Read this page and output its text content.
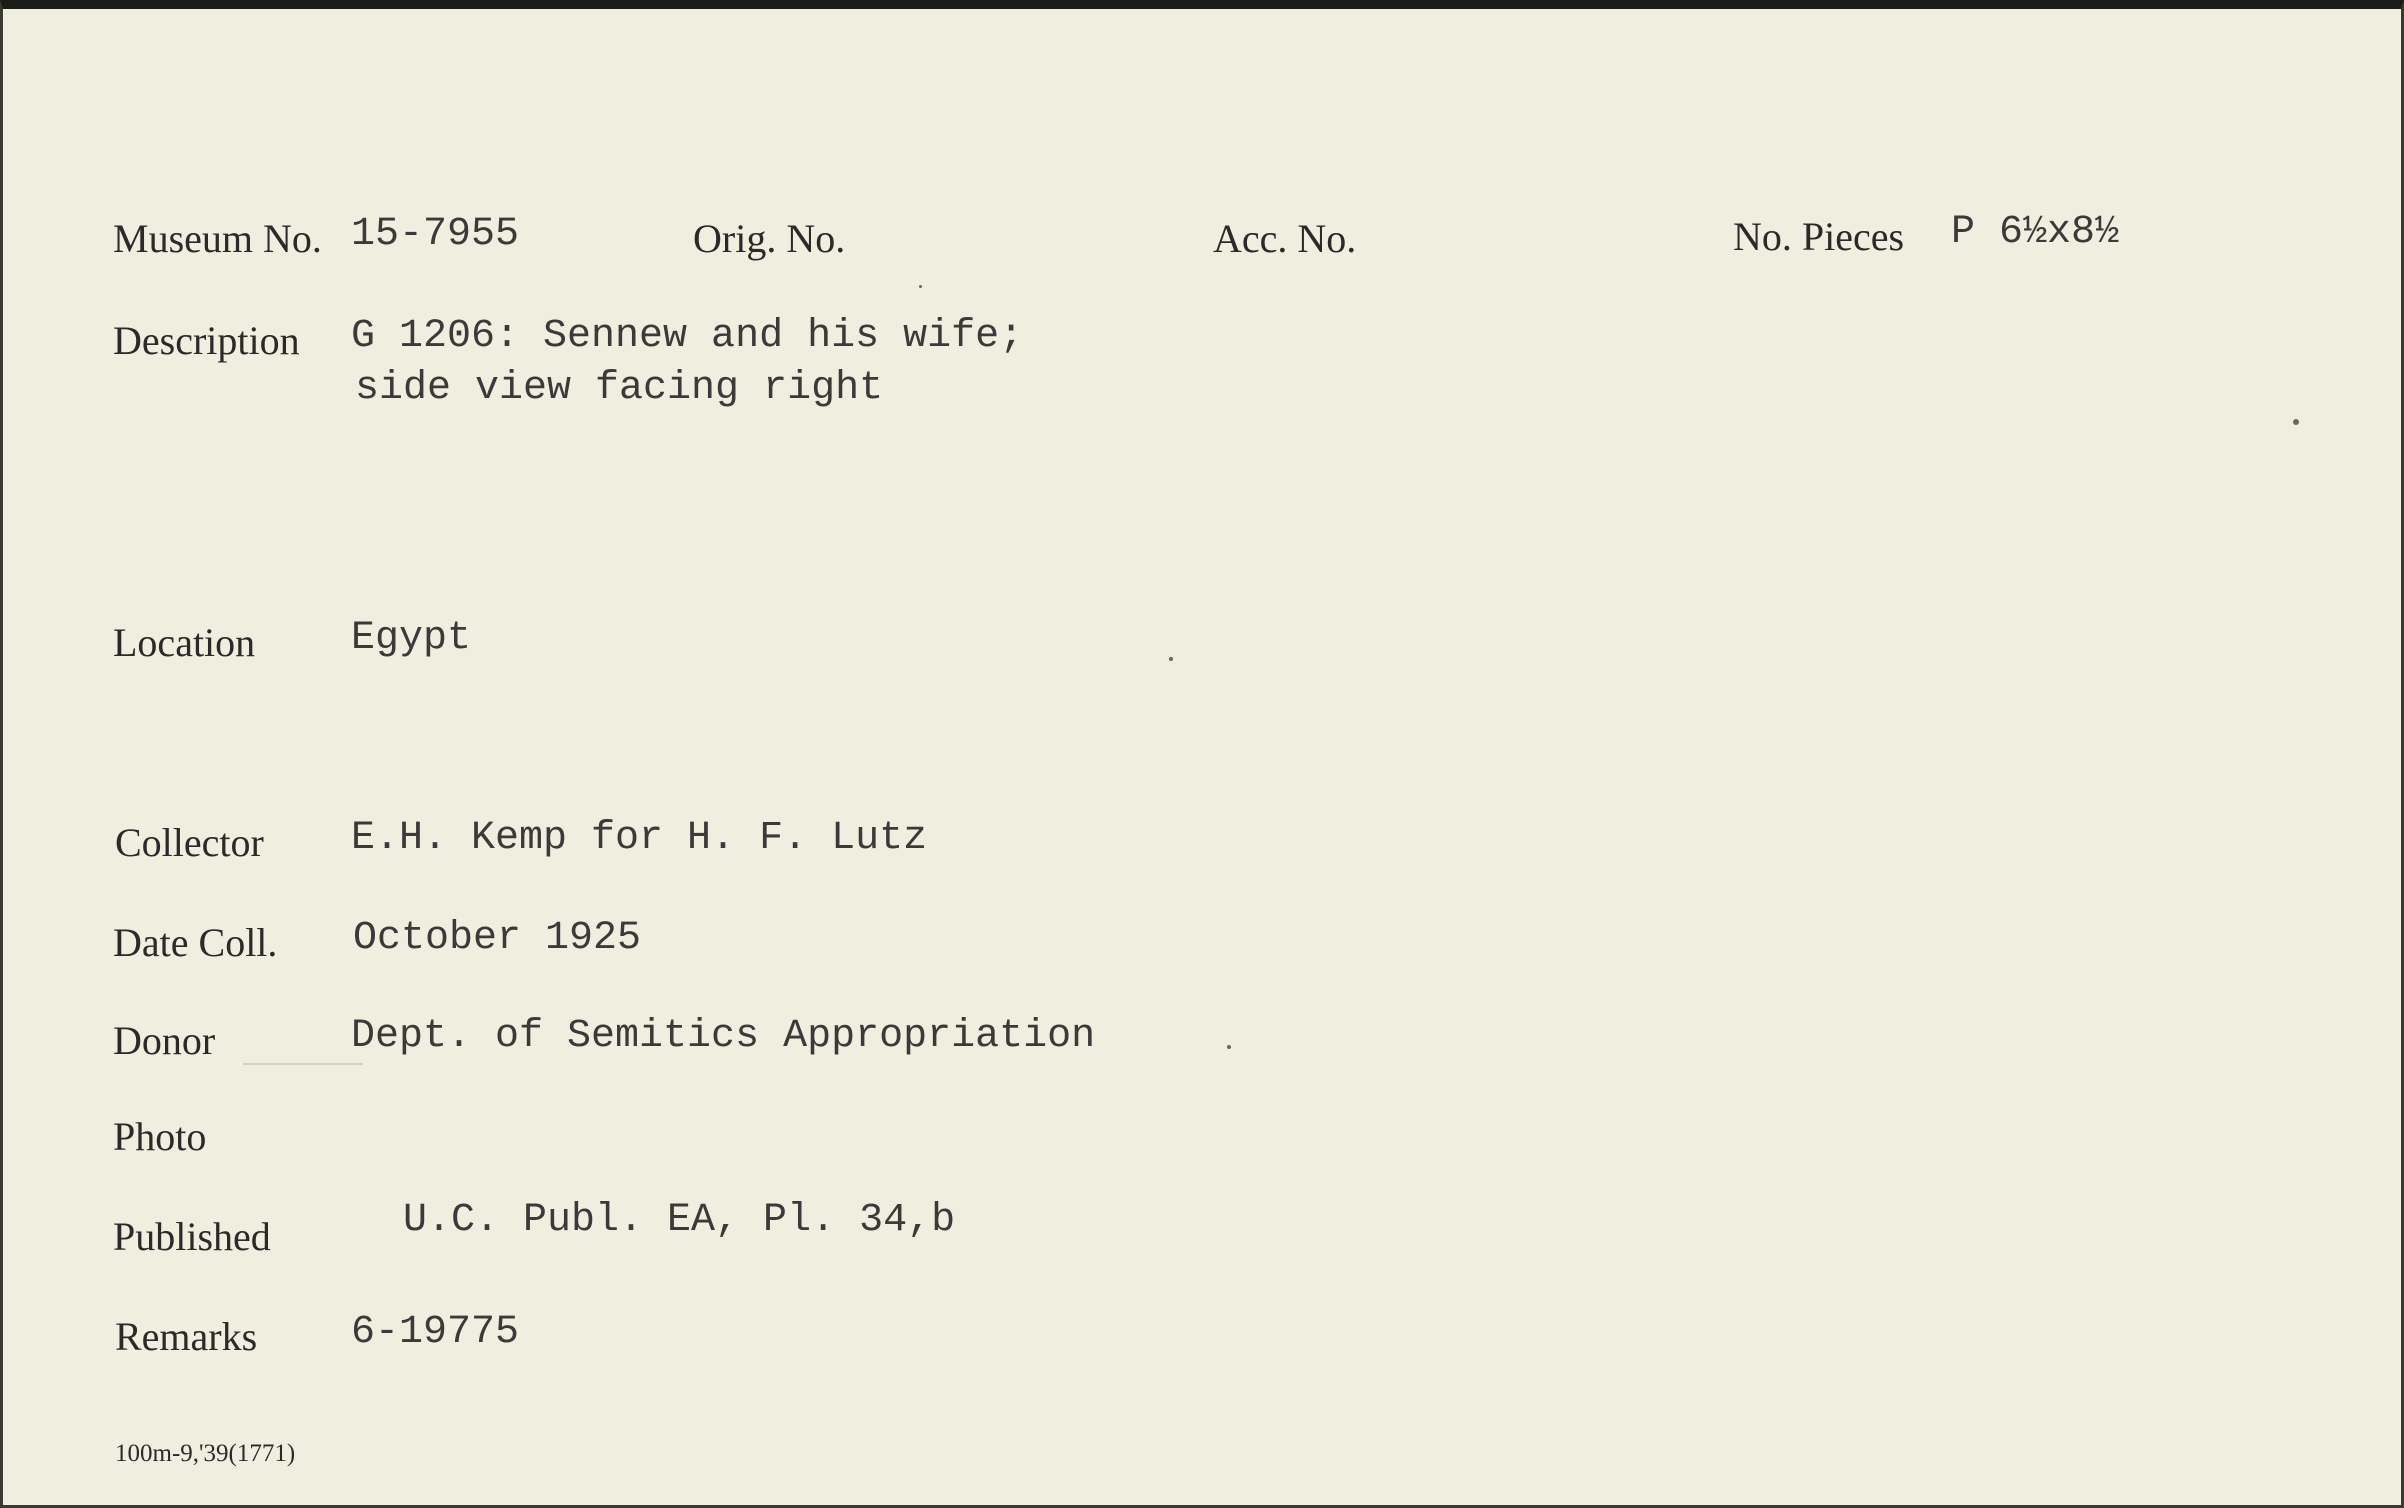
Museum No. 15-7955	Orig. No.	Acc. No.	No. Pieces P 6½x8½
Description G 1206: Sennew and his wife;
side view facing right
Location Egypt
Collector E.H. Kemp for H. F. Lutz
Date Coll. October 1925
Donor	Dept. of Semitics Appropriation
Photo
Published	U.C. Publ. EA, Pl. 34,b
Remarks 6-19775
100m-9,'39(1771)
